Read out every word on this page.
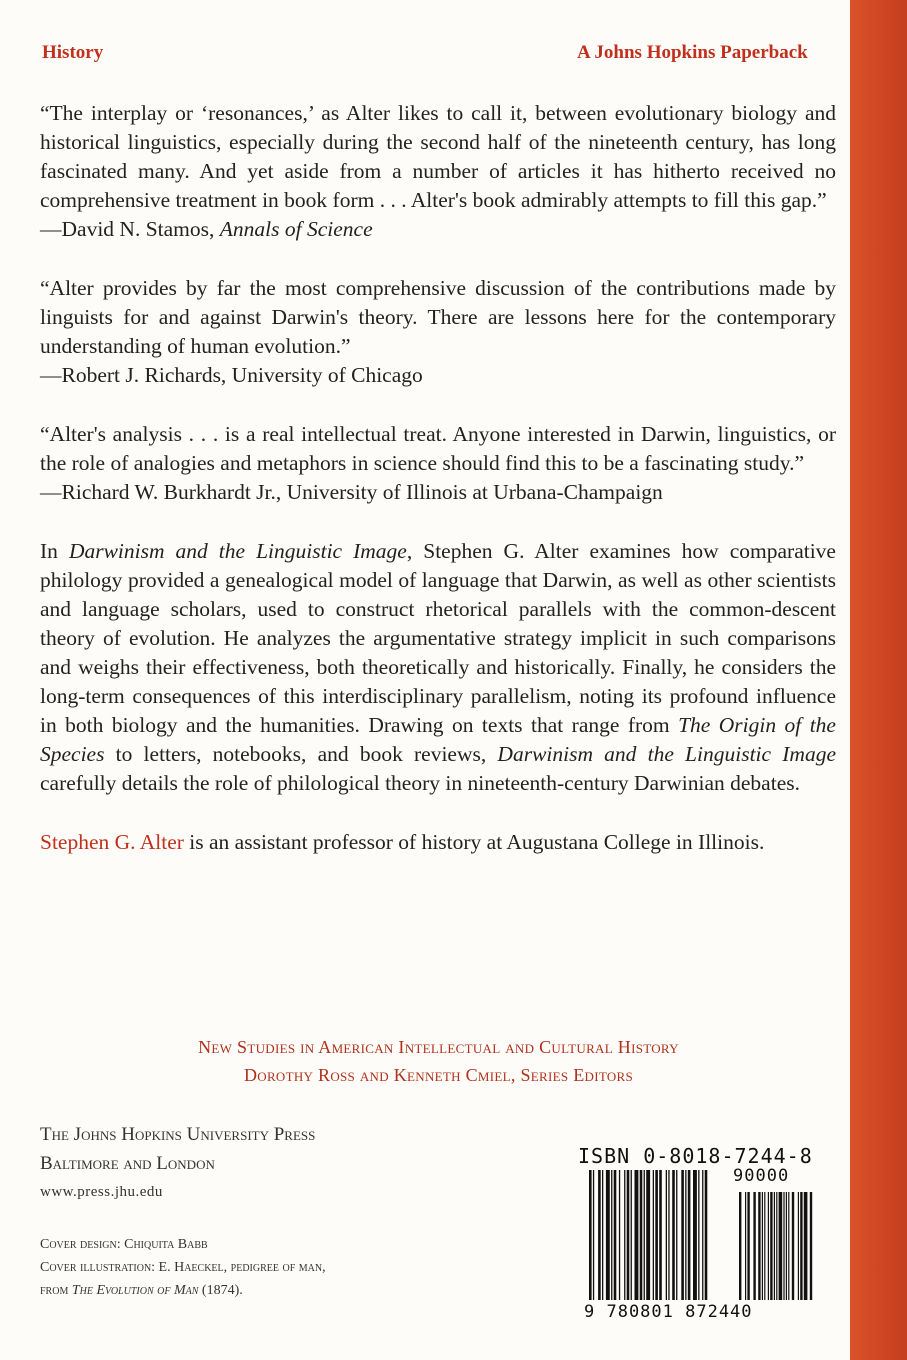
History	A Johns Hopkins Paperback

“The interplay or ‘resonances,’ as Alter likes to call it, between evolutionary biology and historical linguistics, especially during the second half of the nineteenth century, has long fascinated many. And yet aside from a number of articles it has hitherto received no comprehensive treatment in book form . . . Alter's book admirably attempts to fill this gap.”

—David N. Stamos, Annals of Science

“Alter provides by far the most comprehensive discussion of the contributions made by linguists for and against Darwin's theory. There are lessons here for the contemporary understanding of human evolution.”

—Robert J. Richards, University of Chicago

“Alter's analysis . . . is a real intellectual treat. Anyone interested in Darwin, linguistics, or the role of analogies and metaphors in science should find this to be a fascinating study.”

—Richard W. Burkhardt Jr., University of Illinois at Urbana-Champaign

In Darwinism and the Linguistic Image, Stephen G. Alter examines how comparative philology provided a genealogical model of language that Darwin, as well as other scientists and language scholars, used to construct rhetorical parallels with the common-descent theory of evolution. He analyzes the argumentative strategy implicit in such comparisons and weighs their effectiveness, both theoretically and historically. Finally, he considers the long-term consequences of this interdisciplinary parallelism, noting its profound influence in both biology and the humanities. Drawing on texts that range from The Origin of the Species to letters, notebooks, and book reviews, Darwinism and the Linguistic Image carefully details the role of philological theory in nineteenth-century Darwinian debates.

Stephen G. Alter is an assistant professor of history at Augustana College in Illinois.

New Studies in American Intellectual and Cultural History
Dorothy Ross and Kenneth Cmiel, Series Editors
The Johns Hopkins University Press
Baltimore and London
www.press.jhu.edu
Cover design: Chiquita Babb
Cover illustration: E. Haeckel, pedigree of man,
from The Evolution of Man (1874).
ISBN 0-8018-7244-8
90000
9 780801 872440
